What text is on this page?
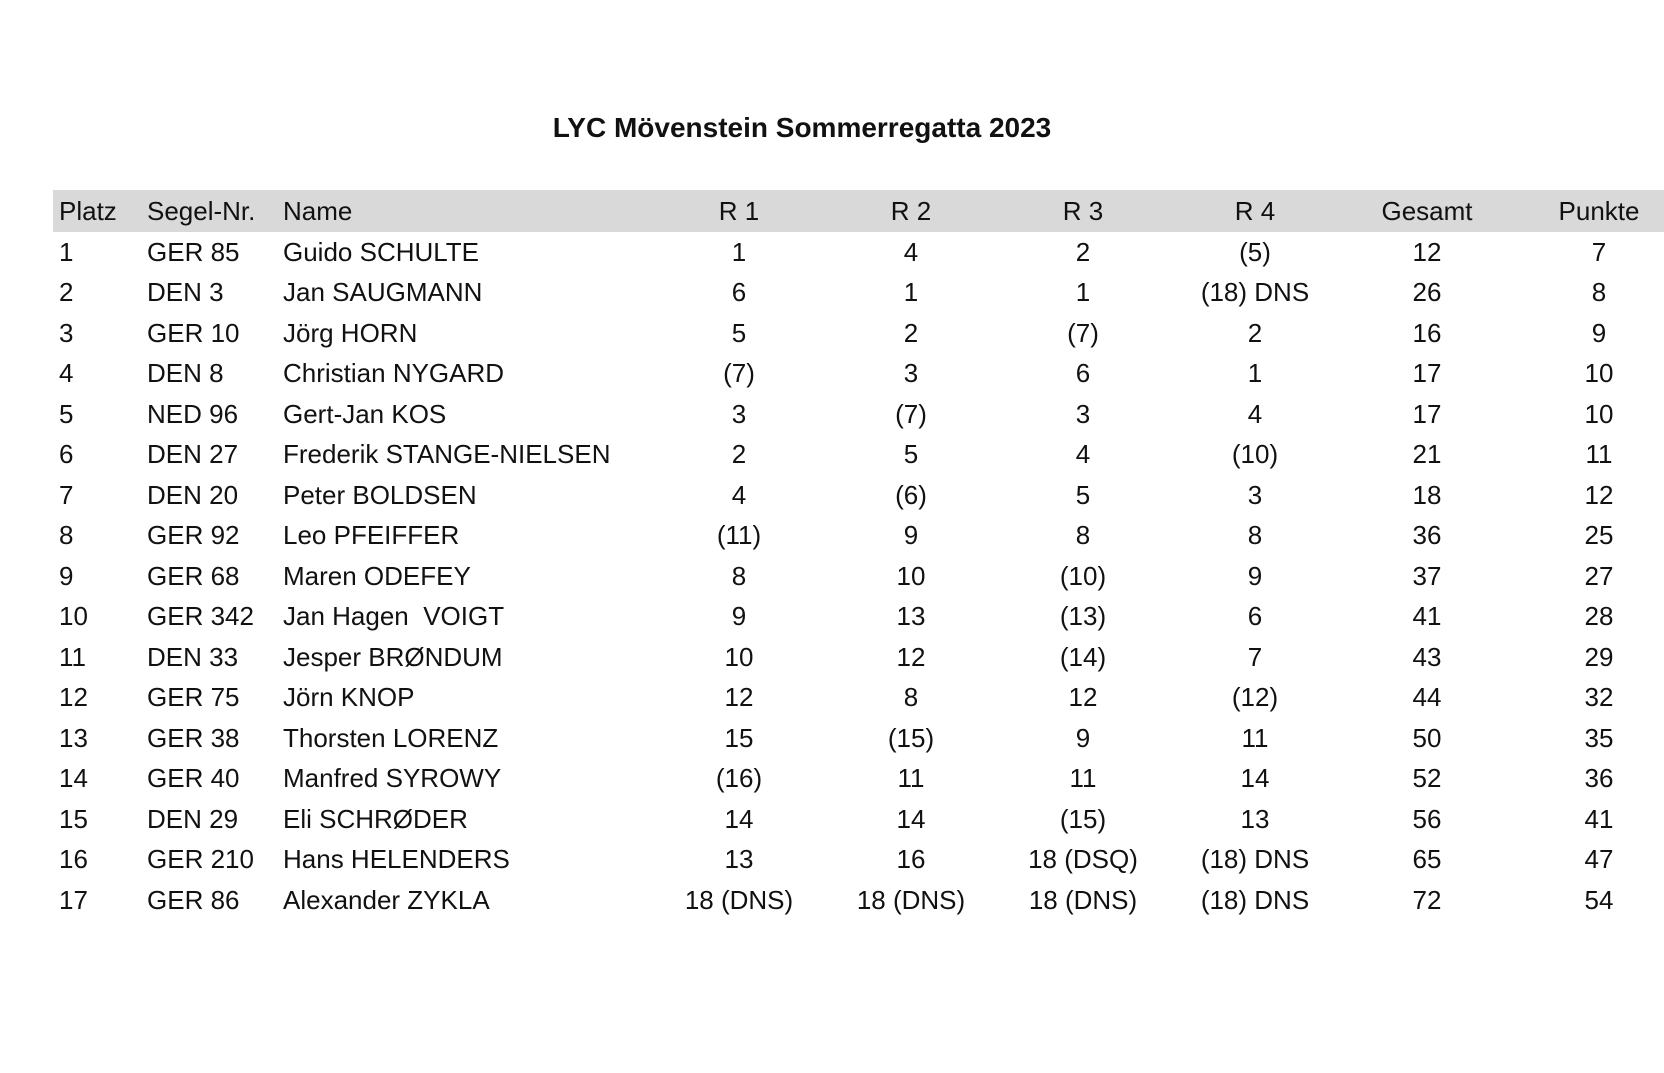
LYC Mövenstein Sommerregatta 2023
Platz	Segel-Nr.	Name	R 1	R 2	R 3	R 4	Gesamt	Punkte
1	GER 85	Guido SCHULTE	1	4	2	(5)	12	7
2	DEN 3	Jan SAUGMANN	6	1	1	(18) DNS	26	8
3	GER 10	Jörg HORN	5	2	(7)	2	16	9
4	DEN 8	Christian NYGARD	(7)	3	6	1	17	10
5	NED 96	Gert-Jan KOS	3	(7)	3	4	17	10
6	DEN 27	Frederik STANGE-NIELSEN	2	5	4	(10)	21	11
7	DEN 20	Peter BOLDSEN	4	(6)	5	3	18	12
8	GER 92	Leo PFEIFFER	(11)	9	8	8	36	25
9	GER 68	Maren ODEFEY	8	10	(10)	9	37	27
10	GER 342	Jan Hagen  VOIGT	9	13	(13)	6	41	28
11	DEN 33	Jesper BRØNDUM	10	12	(14)	7	43	29
12	GER 75	Jörn KNOP	12	8	12	(12)	44	32
13	GER 38	Thorsten LORENZ	15	(15)	9	11	50	35
14	GER 40	Manfred SYROWY	(16)	11	11	14	52	36
15	DEN 29	Eli SCHRØDER	14	14	(15)	13	56	41
16	GER 210	Hans HELENDERS	13	16	18 (DSQ)	(18) DNS	65	47
17	GER 86	Alexander ZYKLA	18 (DNS)	18 (DNS)	18 (DNS)	(18) DNS	72	54
